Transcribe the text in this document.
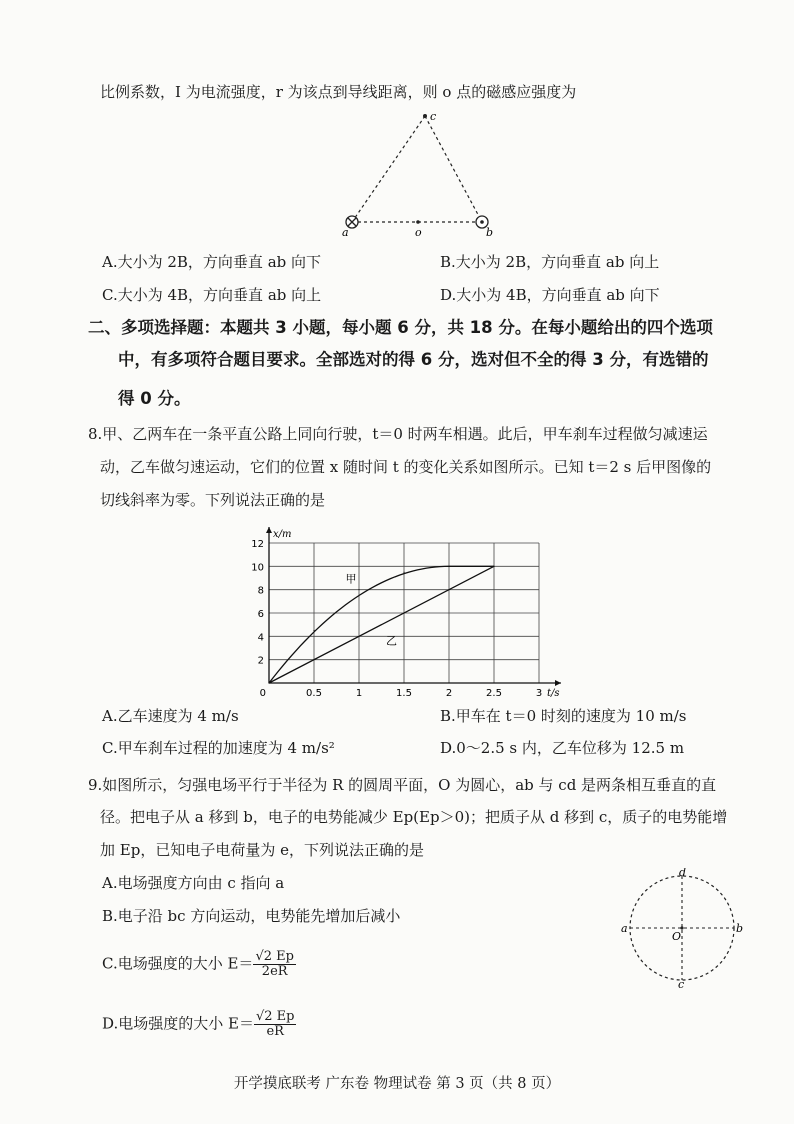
比例系数，I 为电流强度，r 为该点到导线距离，则 o 点的磁感应强度为
c
a	b
o
A.大小为 2B，方向垂直 ab 向下	B.大小为 2B，方向垂直 ab 向上
C.大小为 4B，方向垂直 ab 向上	D.大小为 4B，方向垂直 ab 向下
二、多项选择题：本题共 3 小题，每小题 6 分，共 18 分。在每小题给出的四个选项
中，有多项符合题目要求。全部选对的得 6 分，选对但不全的得 3 分，有选错的
得 0 分。
8.甲、乙两车在一条平直公路上同向行驶，t＝0 时两车相遇。此后，甲车刹车过程做匀减速运
动，乙车做匀速运动，它们的位置 x 随时间 t 的变化关系如图所示。已知 t＝2 s 后甲图像的
切线斜率为零。下列说法正确的是
0	0.5	1	1.5	2	2.5	3
2
4
6
8
10
12
x/m
t/s
甲
乙
A.乙车速度为 4 m/s	B.甲车在 t＝0 时刻的速度为 10 m/s
C.甲车刹车过程的加速度为 4 m/s²	D.0～2.5 s 内，乙车位移为 12.5 m
9.如图所示，匀强电场平行于半径为 R 的圆周平面，O 为圆心，ab 与 cd 是两条相互垂直的直
径。把电子从 a 移到 b，电子的电势能减少 Ep(Ep＞0)；把质子从 d 移到 c，质子的电势能增
加 Ep，已知电子电荷量为 e，下列说法正确的是
A.电场强度方向由 c 指向 a
B.电子沿 bc 方向运动，电势能先增加后减小
C.电场强度的大小 $E= \frac{√2 Ep}{2eR}$
D.电场强度的大小 $E= \frac{√2 Ep}{eR}$
d
a	b
c
O
开学摸底联考 广东卷 物理试卷 第 3 页（共 8 页）
